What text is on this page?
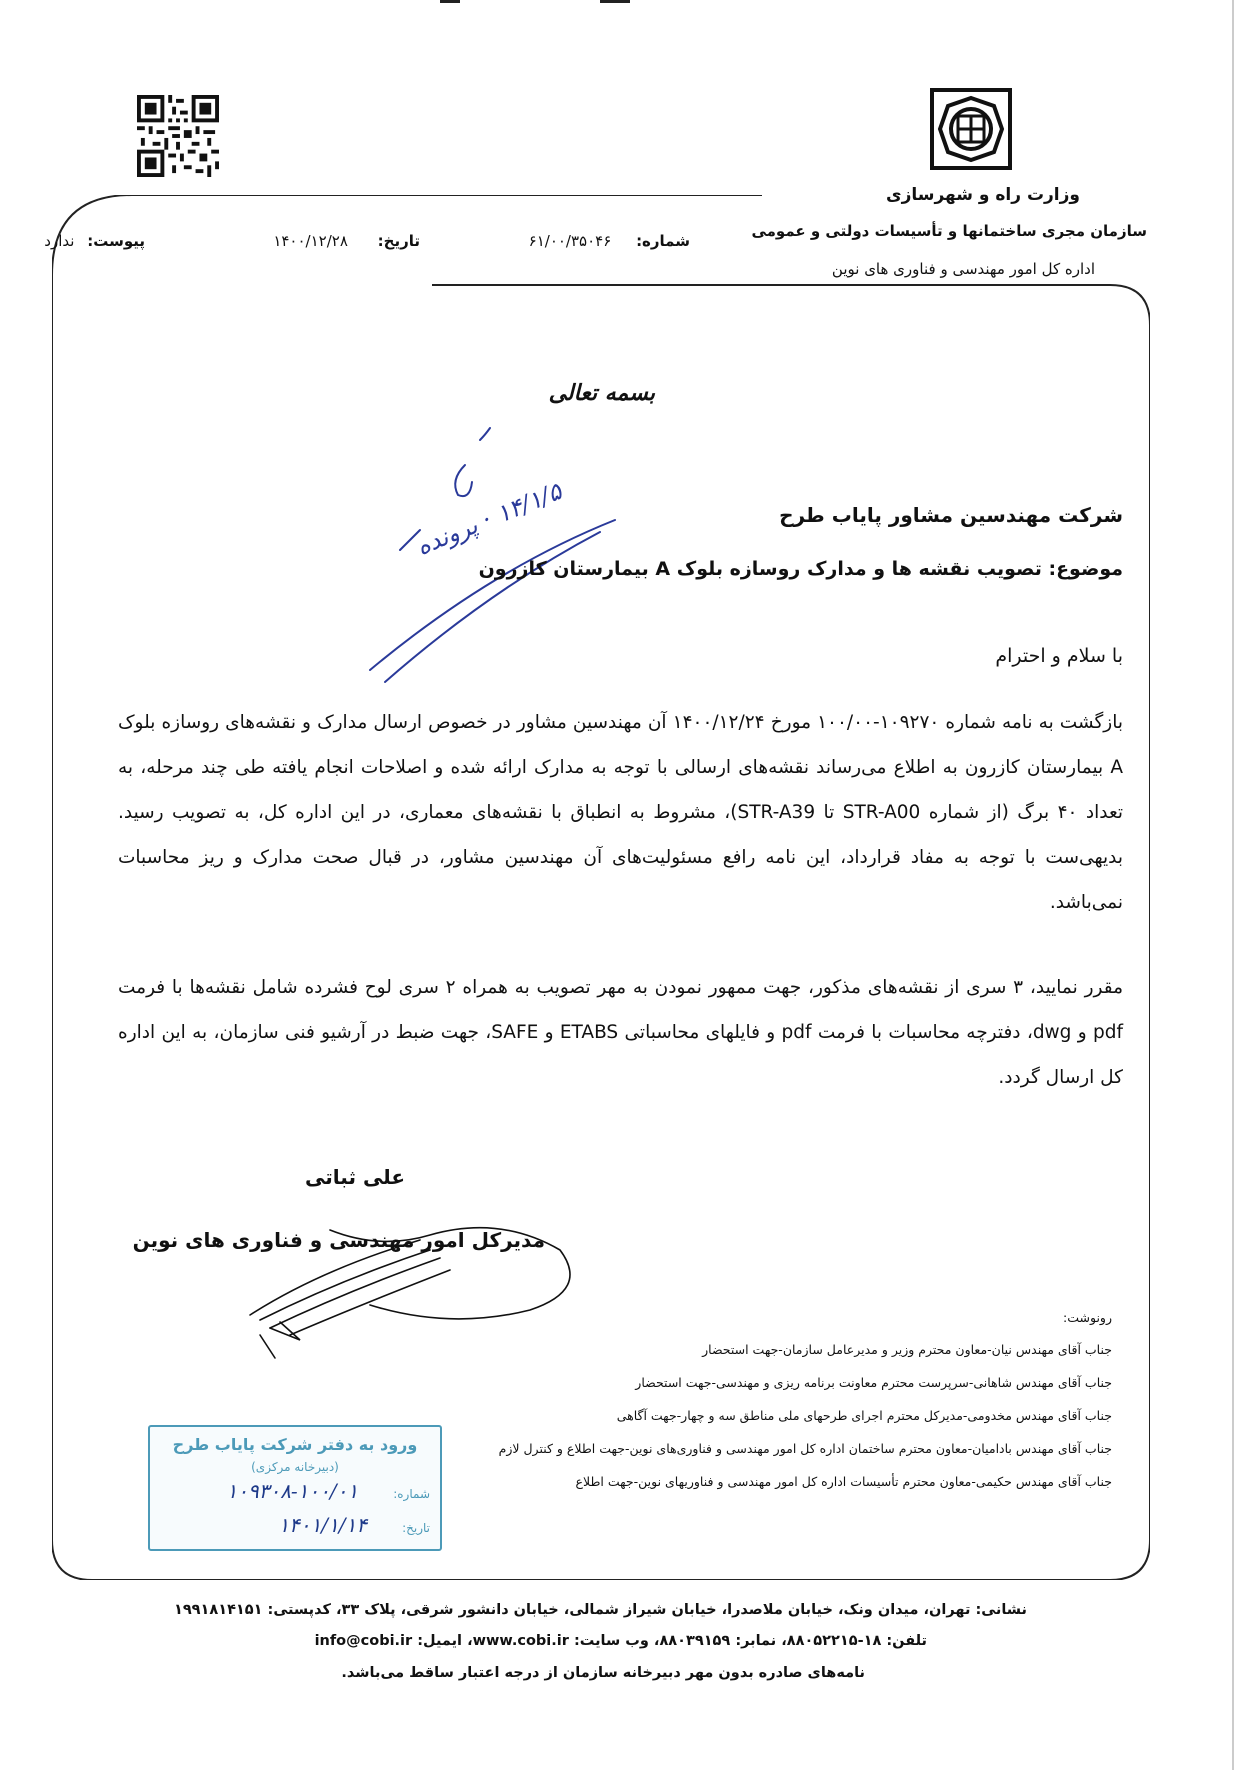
وزارت راه و شهرسازی
سازمان مجری ساختمانها و تأسیسات دولتی و عمومی
اداره کل امور مهندسی و فناوری های نوین
شماره: ۶۱/۰۰/۳۵۰۴۶
تاریخ: ۱۴۰۰/۱۲/۲۸
پیوست: ندارد
بسمه تعالی
۱۴/۱/۵ · پرونده	شرکت مهندسین مشاور پایاب طرح
موضوع: تصویب نقشه ها و مدارک روسازه بلوک A بیمارستان کازرون
با سلام و احترام
بازگشت به نامه شماره ۱۰۹۲۷۰-۱۰۰/۰۰ مورخ ۱۴۰۰/۱۲/۲۴ آن مهندسین مشاور در خصوص ارسال مدارک و نقشه‌های روسازه بلوک A بیمارستان کازرون به اطلاع می‌رساند نقشه‌های ارسالی با توجه به مدارک ارائه شده و اصلاحات انجام یافته طی چند مرحله، به تعداد ۴۰ برگ (از شماره STR-A00 تا STR-A39)، مشروط به انطباق با نقشه‌های معماری، در این اداره کل، به تصویب رسید. بدیهی‌ست با توجه به مفاد قرارداد، این نامه رافع مسئولیت‌های آن مهندسین مشاور، در قبال صحت مدارک و ریز محاسبات نمی‌باشد.
مقرر نمایید، ۳ سری از نقشه‌های مذکور، جهت ممهور نمودن به مهر تصویب به همراه ۲ سری لوح فشرده شامل نقشه‌ها با فرمت pdf و dwg، دفترچه محاسبات با فرمت pdf و فایلهای محاسباتی ETABS و SAFE، جهت ضبط در آرشیو فنی سازمان، به این اداره کل ارسال گردد.
علی ثباتی
مدیرکل امور مهندسی و فناوری های نوین
رونوشت:
جناب آقای مهندس نیان-معاون محترم وزیر و مدیرعامل سازمان-جهت استحضار
جناب آقای مهندس شاهانی-سرپرست محترم معاونت برنامه ریزی و مهندسی-جهت استحضار
جناب آقای مهندس مخدومی-مدیرکل محترم اجرای طرحهای ملی مناطق سه و چهار-جهت آگاهی
جناب آقای مهندس بادامیان-معاون محترم ساختمان اداره کل امور مهندسی و فناوری‌های نوین-جهت اطلاع و کنترل لازم
جناب آقای مهندس حکیمی-معاون محترم تأسیسات اداره کل امور مهندسی و فناوریهای نوین-جهت اطلاع
ورود به دفتر شرکت پایاب طرح
(دبیرخانه مرکزی)
شماره: ۱۰۰/۰۱-۱۰۹۳۰۸
تاریخ: ۱۴۰۱/۱/۱۴
نشانی: تهران، میدان ونک، خیابان ملاصدرا، خیابان شیراز شمالی، خیابان دانشور شرقی، پلاک ۳۳، کدپستی: ۱۹۹۱۸۱۴۱۵۱
تلفن: ۱۸-۸۸۰۵۲۲۱۵، نمابر: ۸۸۰۳۹۱۵۹، وب سایت: www.cobi.ir، ایمیل: info@cobi.ir
نامه‌های صادره بدون مهر دبیرخانه سازمان از درجه اعتبار ساقط می‌باشد.
